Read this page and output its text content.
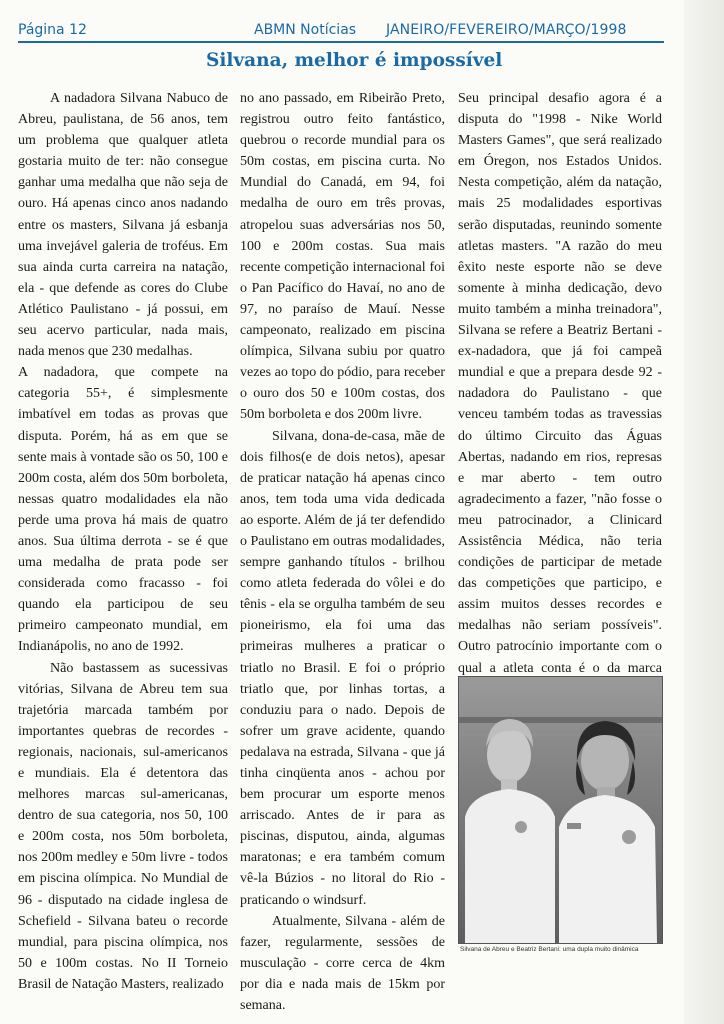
Página 12	ABMN Notícias JANEIRO/FEVEREIRO/MARÇO/1998
Silvana, melhor é impossível

A nadadora Silvana Nabuco de Abreu, paulistana, de 56 anos, tem um problema que qualquer atleta gostaria muito de ter: não consegue ganhar uma medalha que não seja de ouro. Há apenas cinco anos nadando entre os masters, Silvana já esbanja uma invejável galeria de troféus. Em sua ainda curta carreira na natação, ela - que defende as cores do Clube Atlético Paulistano - já possui, em seu acervo particular, nada mais, nada menos que 230 medalhas.

A nadadora, que compete na categoria 55+, é simplesmente imbatível em todas as provas que disputa. Porém, há as em que se sente mais à vontade são os 50, 100 e 200m costa, além dos 50m borboleta, nessas quatro modalidades ela não perde uma prova há mais de quatro anos. Sua última derrota - se é que uma medalha de prata pode ser considerada como fracasso - foi quando ela participou de seu primeiro campeonato mundial, em Indianápolis, no ano de 1992.

Não bastassem as sucessivas vitórias, Silvana de Abreu tem sua trajetória marcada também por importantes quebras de recordes - regionais, nacionais, sul-americanos e mundiais. Ela é detentora das melhores marcas sul-americanas, dentro de sua categoria, nos 50, 100 e 200m costa, nos 50m borboleta, nos 200m medley e 50m livre - todos em piscina olímpica. No Mundial de 96 - disputado na cidade inglesa de Schefield - Silvana bateu o recorde mundial, para piscina olímpica, nos 50 e 100m costas. No II Torneio Brasil de Natação Masters, realizado

no ano passado, em Ribeirão Preto, registrou outro feito fantástico, quebrou o recorde mundial para os 50m costas, em piscina curta. No Mundial do Canadá, em 94, foi medalha de ouro em três provas, atropelou suas adversárias nos 50, 100 e 200m costas. Sua mais recente competição internacional foi o Pan Pacífico do Havaí, no ano de 97, no paraíso de Mauí. Nesse campeonato, realizado em piscina olímpica, Silvana subiu por quatro vezes ao topo do pódio, para receber o ouro dos 50 e 100m costas, dos 50m borboleta e dos 200m livre.

Silvana, dona-de-casa, mãe de dois filhos(e de dois netos), apesar de praticar natação há apenas cinco anos, tem toda uma vida dedicada ao esporte. Além de já ter defendido o Paulistano em outras modalidades, sempre ganhando títulos - brilhou como atleta federada do vôlei e do tênis - ela se orgulha também de seu pioneirismo, ela foi uma das primeiras mulheres a praticar o triatlo no Brasil. E foi o próprio triatlo que, por linhas tortas, a conduziu para o nado. Depois de sofrer um grave acidente, quando pedalava na estrada, Silvana - que já tinha cinqüenta anos - achou por bem procurar um esporte menos arriscado. Antes de ir para as piscinas, disputou, ainda, algumas maratonas; e era também comum vê-la Búzios - no litoral do Rio - praticando o windsurf.

Atualmente, Silvana - além de fazer, regularmente, sessões de musculação - corre cerca de 4km por dia e nada mais de 15km por semana.

Seu principal desafio agora é a disputa do "1998 - Nike World Masters Games", que será realizado em Óregon, nos Estados Unidos. Nesta competição, além da natação, mais 25 modalidades esportivas serão disputadas, reunindo somente atletas masters. "A razão do meu êxito neste esporte não se deve somente à minha dedicação, devo muito também a minha treinadora", Silvana se refere a Beatriz Bertani - ex-nadadora, que já foi campeã mundial e que a prepara desde 92 - nadadora do Paulistano - que venceu também todas as travessias do último Circuito das Águas Abertas, nadando em rios, represas e mar aberto - tem outro agradecimento a fazer, "não fosse o meu patrocinador, a Clinicard Assistência Médica, não teria condições de participar de metade das competições que participo, e assim muitos desses recordes e medalhas não seriam possíveis". Outro patrocínio importante com o qual a atleta conta é o da marca

Silvana de Abreu e Beatriz Bertani: uma dupla muito dinâmica
